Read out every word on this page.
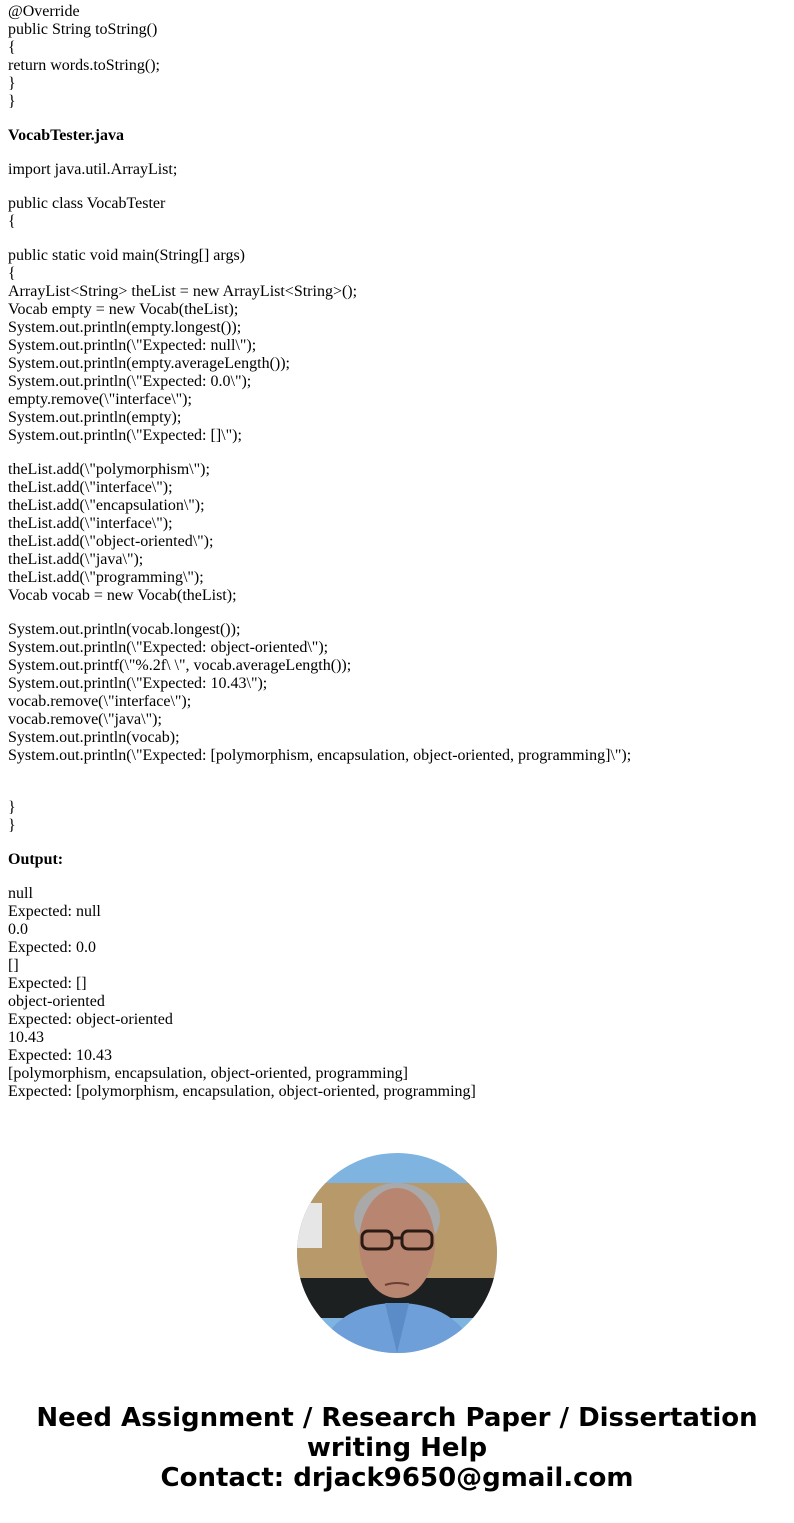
@Override
public String toString()
{
return words.toString();
}
}
VocabTester.java
import java.util.ArrayList;
public class VocabTester
{
public static void main(String[] args)
{
ArrayList<String> theList = new ArrayList<String>();
Vocab empty = new Vocab(theList);
System.out.println(empty.longest());
System.out.println(\"Expected: null\");
System.out.println(empty.averageLength());
System.out.println(\"Expected: 0.0\");
empty.remove(\"interface\");
System.out.println(empty);
System.out.println(\"Expected: []\");
theList.add(\"polymorphism\");
theList.add(\"interface\");
theList.add(\"encapsulation\");
theList.add(\"interface\");
theList.add(\"object-oriented\");
theList.add(\"java\");
theList.add(\"programming\");
Vocab vocab = new Vocab(theList);
System.out.println(vocab.longest());
System.out.println(\"Expected: object-oriented\");
System.out.printf(\"%.2f\ \", vocab.averageLength());
System.out.println(\"Expected: 10.43\");
vocab.remove(\"interface\");
vocab.remove(\"java\");
System.out.println(vocab);
System.out.println(\"Expected: [polymorphism, encapsulation, object-oriented, programming]\");
}
}
Output:
null
Expected: null
0.0
Expected: 0.0
[]
Expected: []
object-oriented
Expected: object-oriented
10.43
Expected: 10.43
[polymorphism, encapsulation, object-oriented, programming]
Expected: [polymorphism, encapsulation, object-oriented, programming]
Need Assignment / Research Paper / Dissertation
writing Help
Contact: drjack9650@gmail.com
